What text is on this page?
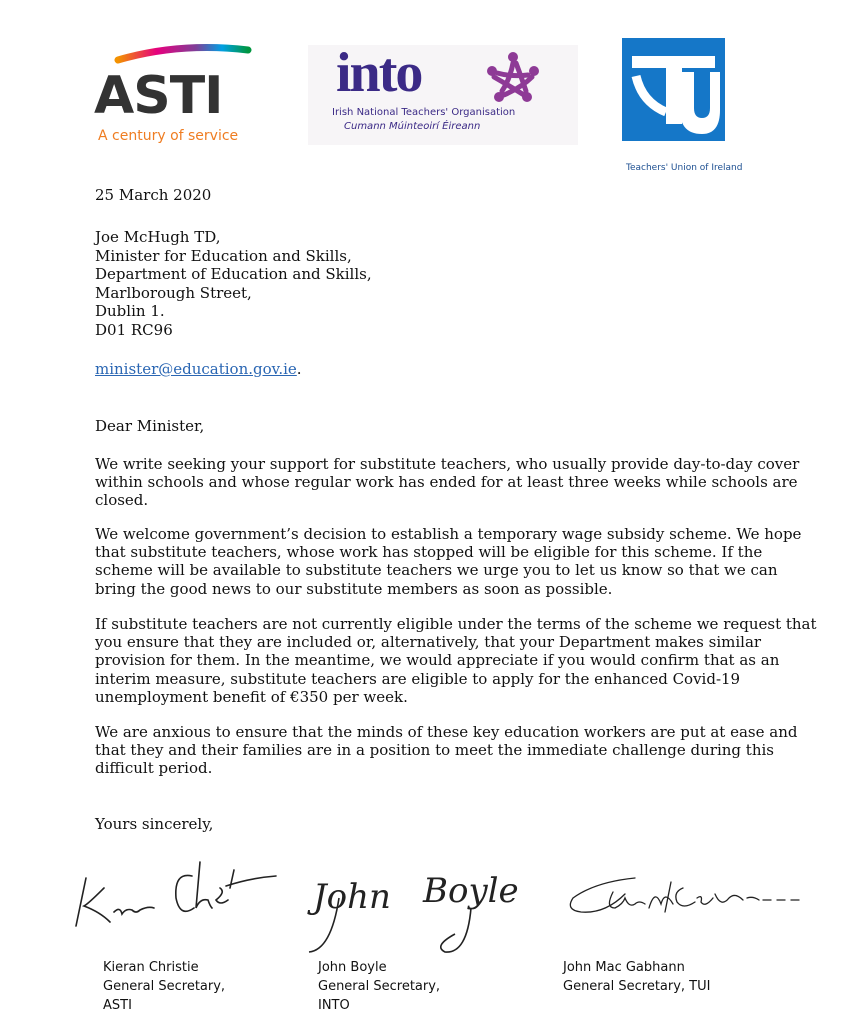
ASTI
A century of service
into
Irish National Teachers' Organisation
Cumann Múinteoirí Éireann
Teachers' Union of Ireland
25 March 2020
Joe McHugh TD,
Minister for Education and Skills,
Department of Education and Skills,
Marlborough Street,
Dublin 1.
D01 RC96
minister@education.gov.ie.
Dear Minister,
We write seeking your support for substitute teachers, who usually provide day-to-day cover
within schools and whose regular work has ended for at least three weeks while schools are
closed.
We welcome government’s decision to establish a temporary wage subsidy scheme. We hope
that substitute teachers, whose work has stopped will be eligible for this scheme. If the
scheme will be available to substitute teachers we urge you to let us know so that we can
bring the good news to our substitute members as soon as possible.
If substitute teachers are not currently eligible under the terms of the scheme we request that
you ensure that they are included or, alternatively, that your Department makes similar
provision for them. In the meantime, we would appreciate if you would confirm that as an
interim measure, substitute teachers are eligible to apply for the enhanced Covid-19
unemployment benefit of €350 per week.
We are anxious to ensure that the minds of these key education workers are put at ease and
that they and their families are in a position to meet the immediate challenge during this
difficult period.
Yours sincerely,
John Boyle
Kieran Christie
General Secretary,
ASTI
John Boyle
General Secretary,
INTO
John Mac Gabhann
General Secretary, TUI
